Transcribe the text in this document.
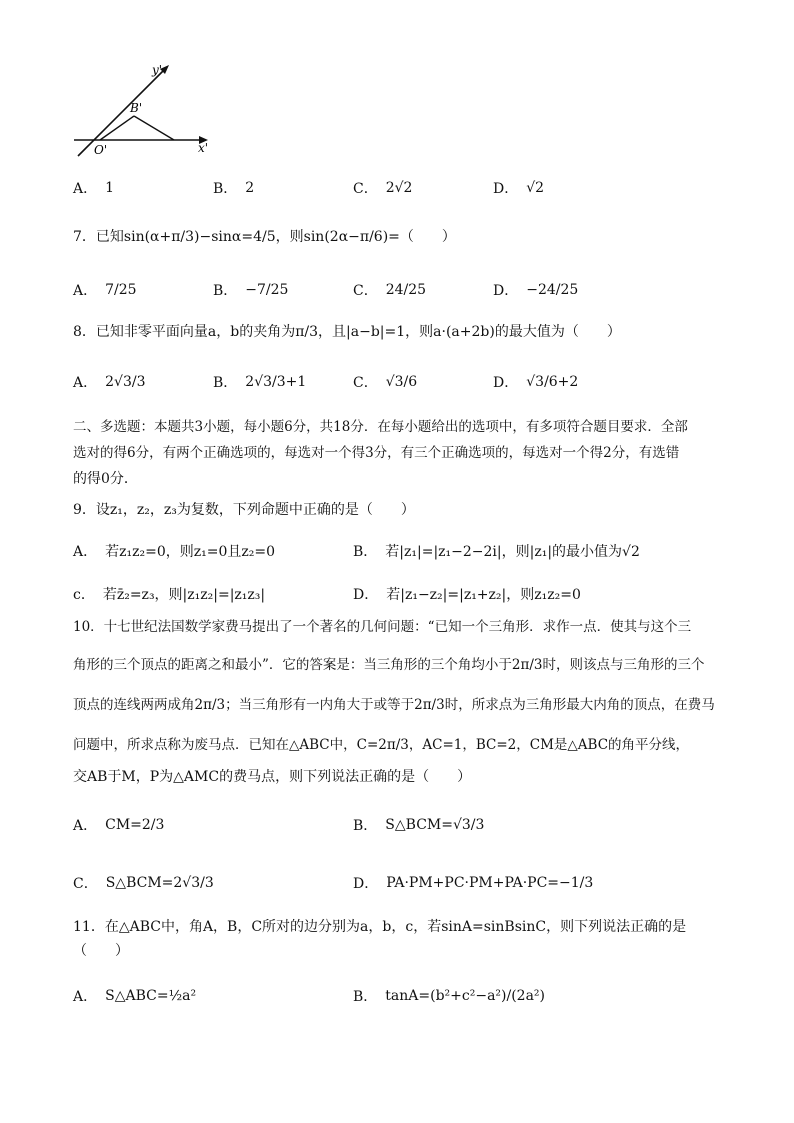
y'
B'
O'	x'
A． 1	B． 2	C． 2√2	D． √2
7．已知sin(α+π/3)−sinα=4/5，则sin(2α−π/6)=（　　）
A． 7/25	B． −7/25	C． 24/25	D． −24/25
8．已知非零平面向量a，b的夹角为π/3，且|a−b|=1，则a·(a+2b)的最大值为（　　）
A． 2√3/3	B． 2√3/3+1	C． √3/6	D． √3/6+2
二、多选题：本题共3小题，每小题6分，共18分．在每小题给出的选项中，有多项符合题目要求．全部
选对的得6分，有两个正确选项的，每选对一个得3分，有三个正确选项的，每选对一个得2分，有选错
的得0分．
9．设z₁，z₂，z₃为复数，下列命题中正确的是（　　）
A． 若z₁z₂=0，则z₁=0且z₂=0	B． 若|z₁|=|z₁−2−2i|，则|z₁|的最小值为√2
c． 若z̄₂=z₃，则|z₁z₂|=|z₁z₃|	D． 若|z₁−z₂|=|z₁+z₂|，则z₁z₂=0
10．十七世纪法国数学家费马提出了一个著名的几何问题：“已知一个三角形．求作一点．使其与这个三
角形的三个顶点的距离之和最小”．它的答案是：当三角形的三个角均小于2π/3时，则该点与三角形的三个
顶点的连线两两成角2π/3；当三角形有一内角大于或等于2π/3时，所求点为三角形最大内角的顶点，在费马
问题中，所求点称为废马点．已知在△ABC中，C=2π/3，AC=1，BC=2，CM是△ABC的角平分线，
交AB于M，P为△AMC的费马点，则下列说法正确的是（　　）
A． CM=2/3	B． S△BCM=√3/3
C． S△BCM=2√3/3	D． PA·PM+PC·PM+PA·PC=−1/3
11．在△ABC中，角A，B，C所对的边分别为a，b，c，若sinA=sinBsinC，则下列说法正确的是
（　　）
A． S△ABC=½a²	B． tanA=(b²+c²−a²)/(2a²)
